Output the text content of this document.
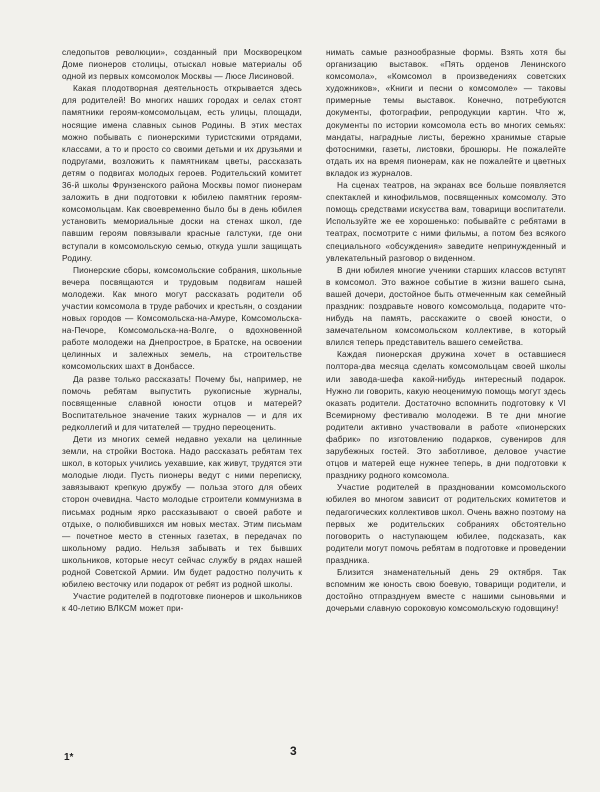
следопытов революции», созданный при Москворецком Доме пионеров столицы, отыскал новые материалы об одной из первых комсомолок Москвы — Люсе Лисиновой.

Какая плодотворная деятельность открывается здесь для родителей! Во многих наших городах и селах стоят памятники героям-комсомольцам, есть улицы, площади, носящие имена славных сынов Родины. В этих местах можно побывать с пионерскими туристскими отрядами, классами, а то и просто со своими детьми и их друзьями и подругами, возложить к памятникам цветы, рассказать детям о подвигах молодых героев. Родительский комитет 36-й школы Фрунзенского района Москвы помог пионерам заложить в дни подготовки к юбилею памятник героям-комсомольцам. Как своевременно было бы в день юбилея установить мемориальные доски на стенах школ, где павшим героям повязывали красные галстуки, где они вступали в комсомольскую семью, откуда ушли защищать Родину.

Пионерские сборы, комсомольские собрания, школьные вечера посвящаются и трудовым подвигам нашей молодежи. Как много могут рассказать родители об участии комсомола в труде рабочих и крестьян, о создании новых городов — Комсомольска-на-Амуре, Комсомольска-на-Печоре, Комсомольска-на-Волге, о вдохновенной работе молодежи на Днепрострое, в Братске, на освоении целинных и залежных земель, на строительстве комсомольских шахт в Донбассе.

Да разве только рассказать! Почему бы, например, не помочь ребятам выпустить рукописные журналы, посвященные славной юности отцов и матерей? Воспитательное значение таких журналов — и для их редколлегий и для читателей — трудно переоценить.

Дети из многих семей недавно уехали на целинные земли, на стройки Востока. Надо рассказать ребятам тех школ, в которых учились уехавшие, как живут, трудятся эти молодые люди. Пусть пионеры ведут с ними переписку, завязывают крепкую дружбу — польза этого для обеих сторон очевидна. Часто молодые строители коммунизма в письмах родным ярко рассказывают о своей работе и отдыхе, о полюбившихся им новых местах. Этим письмам — почетное место в стенных газетах, в передачах по школьному радио. Нельзя забывать и тех бывших школьников, которые несут сейчас службу в рядах нашей родной Советской Армии. Им будет радостно получить к юбилею весточку или подарок от ребят из родной школы.

Участие родителей в подготовке пионеров и школьников к 40-летию ВЛКСМ может при-

нимать самые разнообразные формы. Взять хотя бы организацию выставок. «Пять орденов Ленинского комсомола», «Комсомол в произведениях советских художников», «Книги и песни о комсомоле» — таковы примерные темы выставок. Конечно, потребуются документы, фотографии, репродукции картин. Что ж, документы по истории комсомола есть во многих семьях: мандаты, наградные листы, бережно хранимые старые фотоснимки, газеты, листовки, брошюры. Не пожалейте отдать их на время пионерам, как не пожалейте и цветных вкладок из журналов.

На сценах театров, на экранах все больше появляется спектаклей и кинофильмов, посвященных комсомолу. Это помощь средствами искусства вам, товарищи воспитатели. Используйте же ее хорошенько: побывайте с ребятами в театрах, посмотрите с ними фильмы, а потом без всякого специального «обсуждения» заведите непринужденный и увлекательный разговор о виденном.

В дни юбилея многие ученики старших классов вступят в комсомол. Это важное событие в жизни вашего сына, вашей дочери, достойное быть отмеченным как семейный праздник: поздравьте нового комсомольца, подарите что-нибудь на память, расскажите о своей юности, о замечательном комсомольском коллективе, в который влился теперь представитель вашего семейства.

Каждая пионерская дружина хочет в оставшиеся полтора-два месяца сделать комсомольцам своей школы или завода-шефа какой-нибудь интересный подарок. Нужно ли говорить, какую неоценимую помощь могут здесь оказать родители. Достаточно вспомнить подготовку к VI Всемирному фестивалю молодежи. В те дни многие родители активно участвовали в работе «пионерских фабрик» по изготовлению подарков, сувениров для зарубежных гостей. Это заботливое, деловое участие отцов и матерей еще нужнее теперь, в дни подготовки к празднику родного комсомола.

Участие родителей в праздновании комсомольского юбилея во многом зависит от родительских комитетов и педагогических коллективов школ. Очень важно поэтому на первых же родительских собраниях обстоятельно поговорить о наступающем юбилее, подсказать, как родители могут помочь ребятам в подготовке и проведении праздника.

Близится знаменательный день 29 октября. Так вспомним же юность свою боевую, товарищи родители, и достойно отпразднуем вместе с нашими сыновьями и дочерьми славную сороковую комсомольскую годовщину!

1*	3
